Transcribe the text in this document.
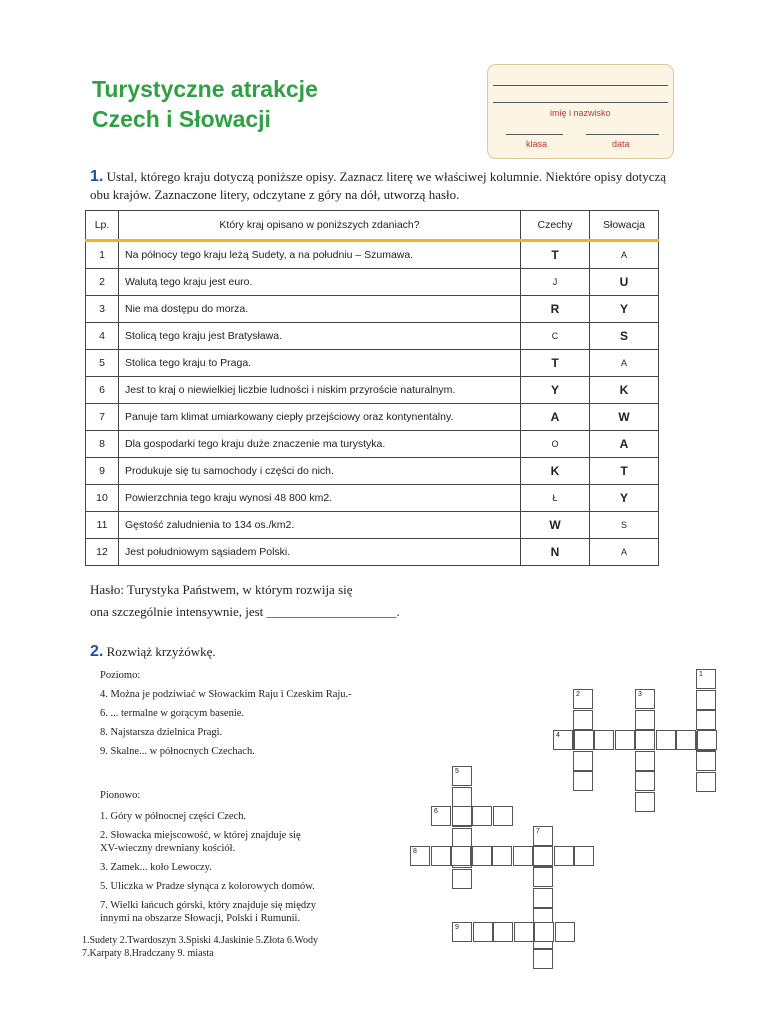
Turystyczne atrakcje
Czech i Słowacji	imię i nazwisko
klasa	data
1. Ustal, którego kraju dotyczą poniższe opisy. Zaznacz literę we właściwej kolumnie. Niektóre opisy dotyczą obu krajów. Zaznaczone litery, odczytane z góry na dół, utworzą hasło.
Lp.	Który kraj opisano w poniższych zdaniach?	Czechy	Słowacja
1	Na północy tego kraju leżą Sudety, a na południu – Szumawa.	T	A
2	Walutą tego kraju jest euro.	J	U
3	Nie ma dostępu do morza.	R	Y
4	Stolicą tego kraju jest Bratysława.	C	S
5	Stolica tego kraju to Praga.	T	A
6	Jest to kraj o niewielkiej liczbie ludności i niskim przyroście naturalnym.	Y	K
7	Panuje tam klimat umiarkowany ciepły przejściowy oraz kontynentalny.	A	W
8	Dla gospodarki tego kraju duże znaczenie ma turystyka.	O	A
9	Produkuje się tu samochody i części do nich.	K	T
10	Powierzchnia tego kraju wynosi 48 800 km2.	Ł	Y
11	Gęstość zaludnienia to 134 os./km2.	W	S
12	Jest południowym sąsiadem Polski.	N	A
Hasło: Turystyka Państwem, w którym rozwija się
ona szczególnie intensywnie, jest ____________________.
2. Rozwiąż krzyżówkę.
Poziomo:
4. Można je podziwiać w Słowackim Raju i Czeskim Raju.-
6. ... termalne w gorącym basenie.
8. Najstarsza dzielnica Pragi.
9. Skalne... w północnych Czechach.
Pionowo:
1. Góry w północnej części Czech.
2. Słowacka miejscowość, w której znajduje się
XV-wieczny drewniany kościół.
3. Zamek... koło Lewoczy.
5. Uliczka w Pradze słynąca z kolorowych domów.
7. Wielki łańcuch górski, który znajduje się między
innymi na obszarze Słowacji, Polski i Rumunii.
1.Sudety 2.Twardoszyn 3.Spiski 4.Jaskinie 5.Złota 6.Wody
7.Karpaty 8.Hradczany 9. miasta
1
2	3
4
5
6
7
8
9
